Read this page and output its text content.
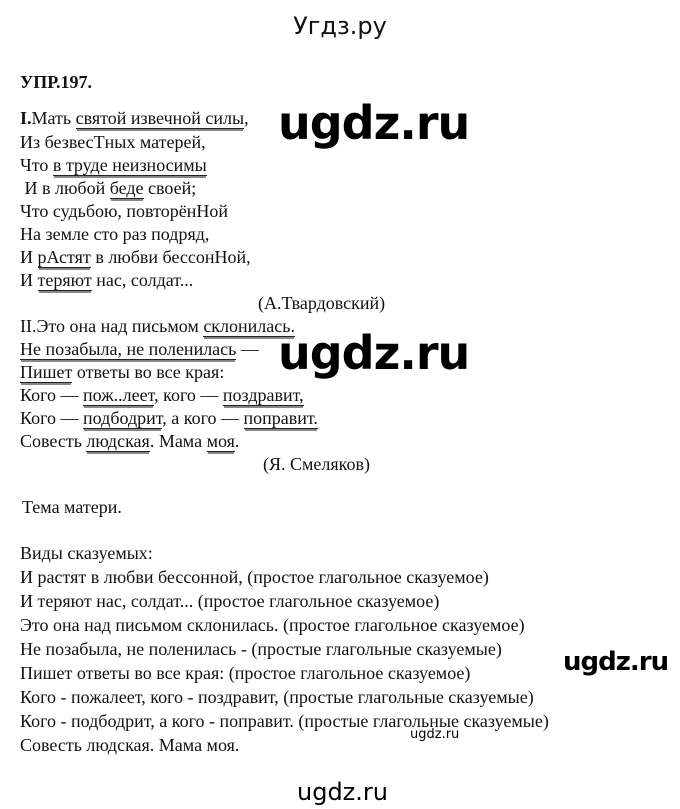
Угдз.ру
УПР.197.
I.Мать святой извечной силы,
Из безвесТных матерей,
Что в труде неизносимы
И в любой беде своей;
Что судьбою, повторёнНой
На земле сто раз подряд,
И рАстят в любви бессонНой,
И теряют нас, солдат...
(А.Твардовский)
II.Это она над письмом склонилась.
Не позабыла, не поленилась —
Пишет ответы во все края:
Кого — пож..леет, кого — поздравит,
Кого — подбодрит, а кого — поправит.
Совесть людская. Мама моя.
(Я. Смеляков)
Тема матери.
Виды сказуемых:
И растят в любви бессонной, (простое глагольное сказуемое)
И теряют нас, солдат... (простое глагольное сказуемое)
Это она над письмом склонилась. (простое глагольное сказуемое)
Не позабыла, не поленилась - (простые глагольные сказуемые)
Пишет ответы во все края: (простое глагольное сказуемое)
Кого - пожалеет, кого - поздравит, (простые глагольные сказуемые)
Кого - подбодрит, а кого - поправит. (простые глагольные сказуемые)
Совесть людская. Мама моя.
ugdz.ru
ugdz.ru
ugdz.ru
ugdz.ru
ugdz.ru
